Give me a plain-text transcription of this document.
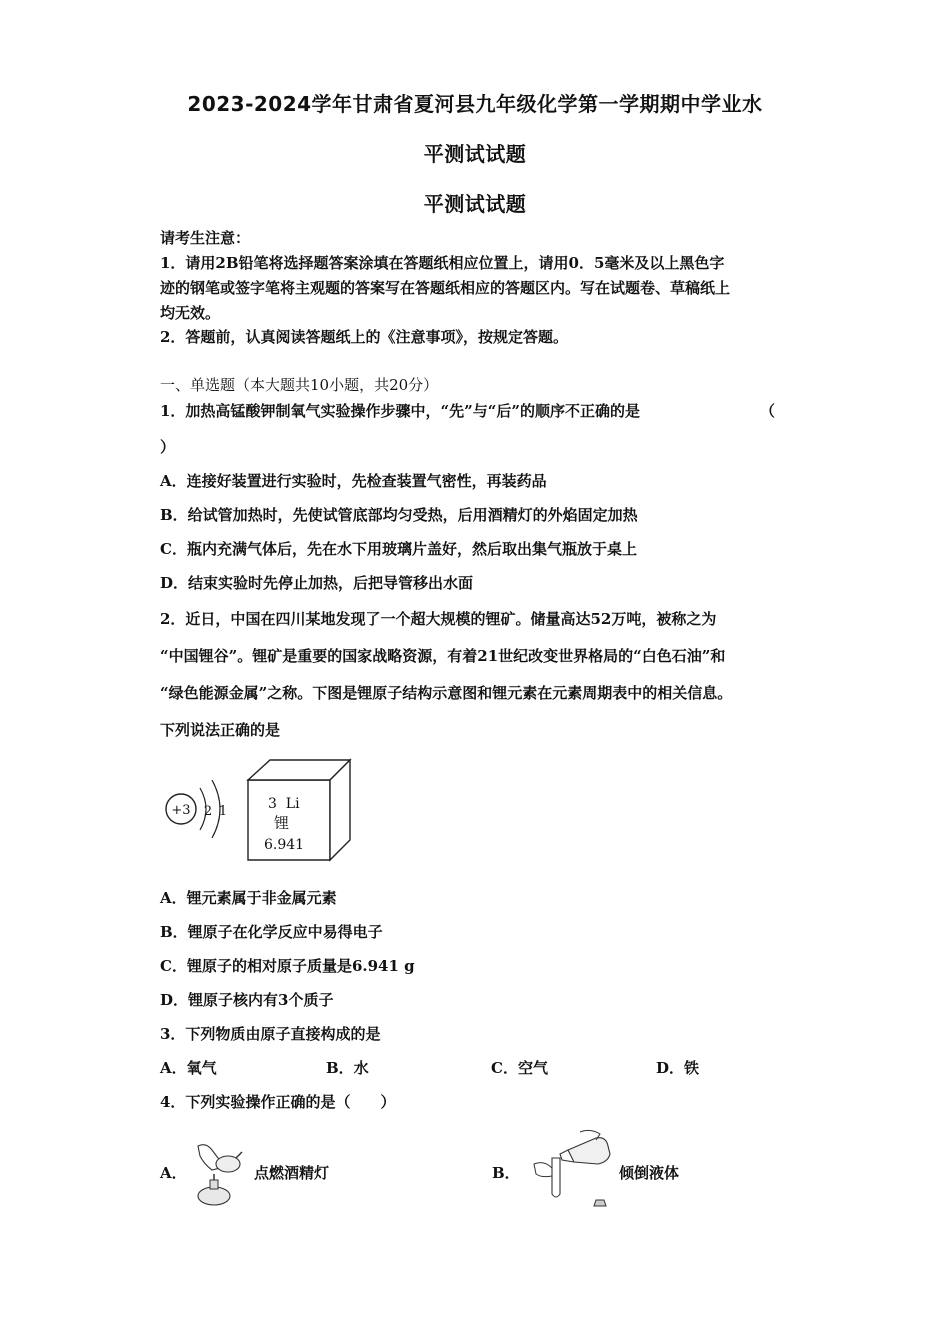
2023-2024学年甘肃省夏河县九年级化学第一学期期中学业水
平测试试题
平测试试题
请考生注意：
1．请用2B铅笔将选择题答案涂填在答题纸相应位置上，请用0．5毫米及以上黑色字
迹的钢笔或签字笔将主观题的答案写在答题纸相应的答题区内。写在试题卷、草稿纸上
均无效。
2．答题前，认真阅读答题纸上的《注意事项》，按规定答题。
一、单选题（本大题共10小题，共20分）
1．加热高锰酸钾制氧气实验操作步骤中，“先”与“后”的顺序不正确的是	（
）
A．连接好装置进行实验时，先检查装置气密性，再装药品
B．给试管加热时，先使试管底部均匀受热，后用酒精灯的外焰固定加热
C．瓶内充满气体后，先在水下用玻璃片盖好，然后取出集气瓶放于桌上
D．结束实验时先停止加热，后把导管移出水面
2．近日，中国在四川某地发现了一个超大规模的锂矿。储量高达52万吨，被称之为
“中国锂谷”。锂矿是重要的国家战略资源，有着21世纪改变世界格局的“白色石油”和
“绿色能源金属”之称。下图是锂原子结构示意图和锂元素在元素周期表中的相关信息。
下列说法正确的是
+3 2 1	3  Li
锂
6.941
A．锂元素属于非金属元素
B．锂原子在化学反应中易得电子
C．锂原子的相对原子质量是6.941 g
D．锂原子核内有3个质子
3．下列物质由原子直接构成的是
A．氧气	B．水	C．空气	D．铁
4．下列实验操作正确的是（　　）
A．	点燃酒精灯	B．	倾倒液体
